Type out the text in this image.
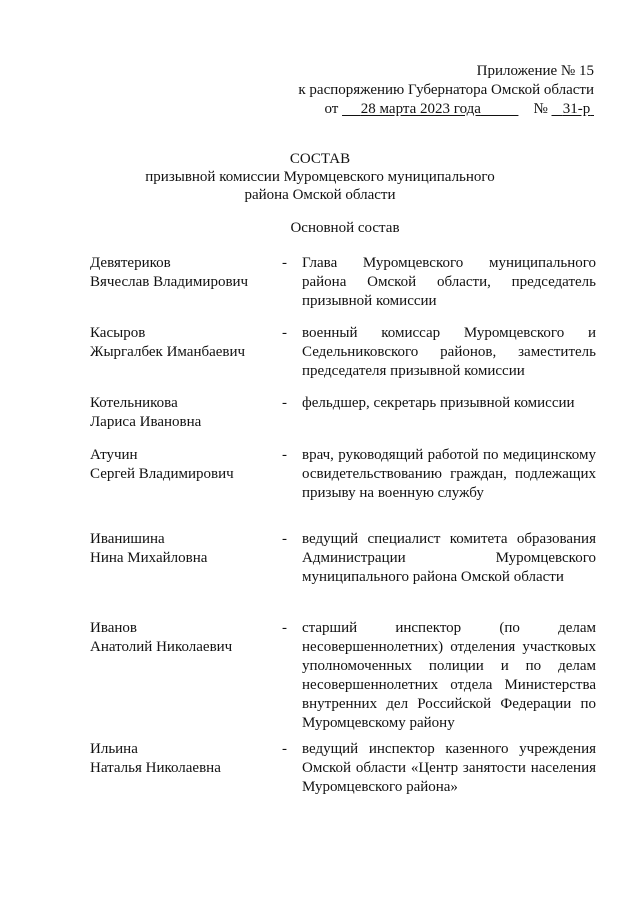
Приложение № 15
к распоряжению Губернатора Омской области
от 28 марта 2023 года	№ 31-р
СОСТАВ
призывной комиссии Муромцевского муниципального
района Омской области
Основной состав
Девятериков
Вячеслав Владимирович
- Глава Муромцевского муниципального района Омской области, председатель призывной комиссии
Касыров
Жыргалбек Иманбаевич
- военный комиссар Муромцевского и Седельниковского районов, заместитель председателя призывной комиссии
Котельникова
Лариса Ивановна
- фельдшер, секретарь призывной комиссии
Атучин
Сергей Владимирович
- врач, руководящий работой по медицинскому освидетельствованию граждан, подлежащих призыву на военную службу
Иванишина
Нина Михайловна
- ведущий специалист комитета образования Администрации Муромцевского муниципального района Омской области
Иванов
Анатолий Николаевич
- старший инспектор (по делам несовершеннолетних) отделения участковых уполномоченных полиции и по делам несовершеннолетних отдела Министерства внутренних дел Российской Федерации по Муромцевскому району
Ильина
Наталья Николаевна
- ведущий инспектор казенного учреждения Омской области «Центр занятости населения Муромцевского района»
